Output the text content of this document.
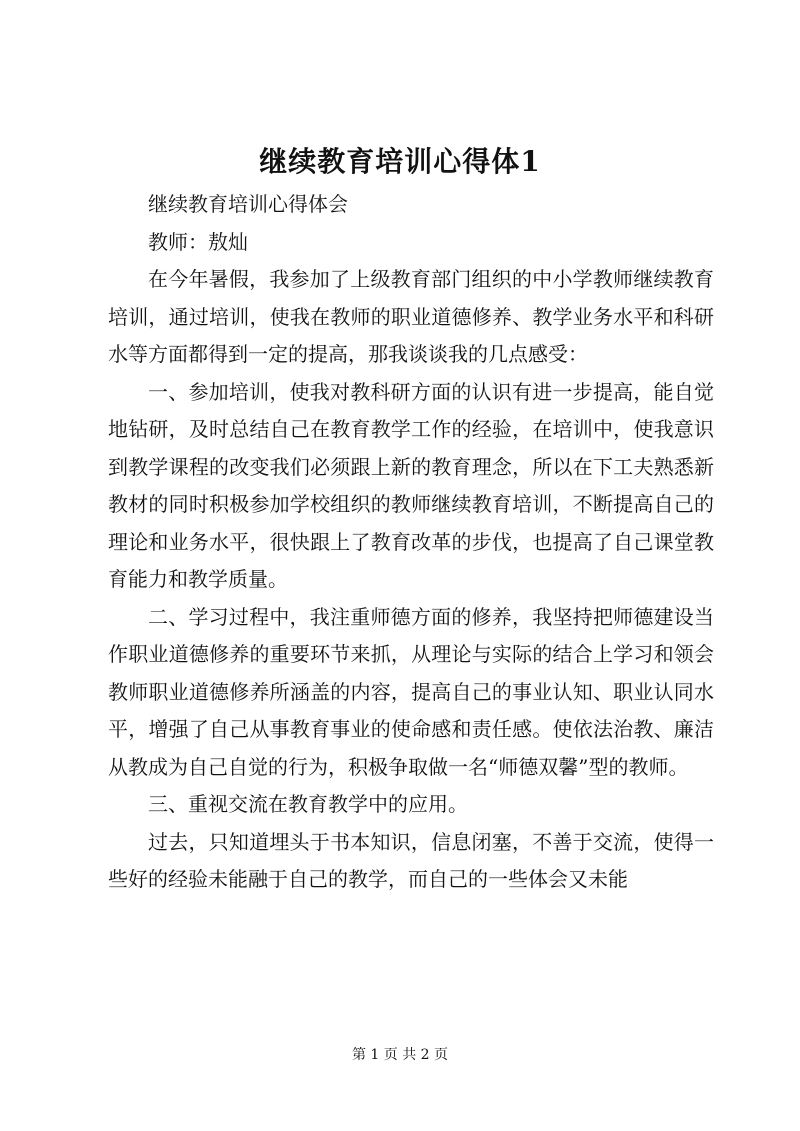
继续教育培训心得体1

继续教育培训心得体会

教师：敖灿

在今年暑假，我参加了上级教育部门组织的中小学教师继续教育培训，通过培训，使我在教师的职业道德修养、教学业务水平和科研水等方面都得到一定的提高，那我谈谈我的几点感受：

一、参加培训，使我对教科研方面的认识有进一步提高，能自觉地钻研，及时总结自己在教育教学工作的经验，在培训中，使我意识到教学课程的改变我们必须跟上新的教育理念，所以在下工夫熟悉新教材的同时积极参加学校组织的教师继续教育培训，不断提高自己的理论和业务水平，很快跟上了教育改革的步伐，也提高了自己课堂教育能力和教学质量。

二、学习过程中，我注重师德方面的修养，我坚持把师德建设当作职业道德修养的重要环节来抓，从理论与实际的结合上学习和领会教师职业道德修养所涵盖的内容，提高自己的事业认知、职业认同水平，增强了自己从事教育事业的使命感和责任感。使依法治教、廉洁从教成为自己自觉的行为，积极争取做一名“师德双馨”型的教师。

三、重视交流在教育教学中的应用。

过去，只知道埋头于书本知识，信息闭塞，不善于交流，使得一些好的经验未能融于自己的教学，而自己的一些体会又未能

第 1 页 共 2 页
